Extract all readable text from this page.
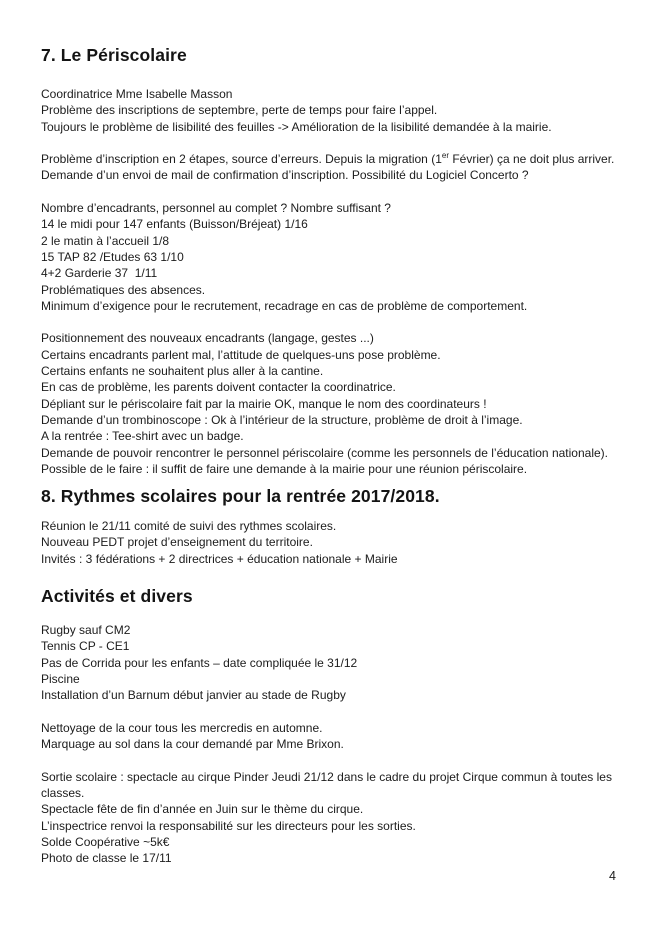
7. Le Périscolaire
Coordinatrice Mme Isabelle Masson
Problème des inscriptions de septembre, perte de temps pour faire l’appel.
Toujours le problème de lisibilité des feuilles -> Amélioration de la lisibilité demandée à la mairie.
Problème d’inscription en 2 étapes, source d’erreurs. Depuis la migration (1er Février) ça ne doit plus arriver.
Demande d’un envoi de mail de confirmation d’inscription. Possibilité du Logiciel Concerto ?
Nombre d’encadrants, personnel au complet ? Nombre suffisant ?
14 le midi pour 147 enfants (Buisson/Bréjeat) 1/16
2 le matin à l’accueil 1/8
15 TAP 82 /Etudes 63 1/10
4+2 Garderie 37  1/11
Problématiques des absences.
Minimum d’exigence pour le recrutement, recadrage en cas de problème de comportement.
Positionnement des nouveaux encadrants (langage, gestes ...)
Certains encadrants parlent mal, l’attitude de quelques-uns pose problème.
Certains enfants ne souhaitent plus aller à la cantine.
En cas de problème, les parents doivent contacter la coordinatrice.
Dépliant sur le périscolaire fait par la mairie OK, manque le nom des coordinateurs !
Demande d’un trombinoscope : Ok à l’intérieur de la structure, problème de droit à l’image.
A la rentrée : Tee-shirt avec un badge.
Demande de pouvoir rencontrer le personnel périscolaire (comme les personnels de l’éducation nationale).
Possible de le faire : il suffit de faire une demande à la mairie pour une réunion périscolaire.
8. Rythmes scolaires pour la rentrée 2017/2018.
Réunion le 21/11 comité de suivi des rythmes scolaires.
Nouveau PEDT projet d’enseignement du territoire.
Invités : 3 fédérations + 2 directrices + éducation nationale + Mairie
Activités et divers
Rugby sauf CM2
Tennis CP - CE1
Pas de Corrida pour les enfants – date compliquée le 31/12
Piscine
Installation d’un Barnum début janvier au stade de Rugby
Nettoyage de la cour tous les mercredis en automne.
Marquage au sol dans la cour demandé par Mme Brixon.
Sortie scolaire : spectacle au cirque Pinder Jeudi 21/12 dans le cadre du projet Cirque commun à toutes les
classes.
Spectacle fête de fin d’année en Juin sur le thème du cirque.
L’inspectrice renvoi la responsabilité sur les directeurs pour les sorties.
Solde Coopérative ~5k€
Photo de classe le 17/11
4
